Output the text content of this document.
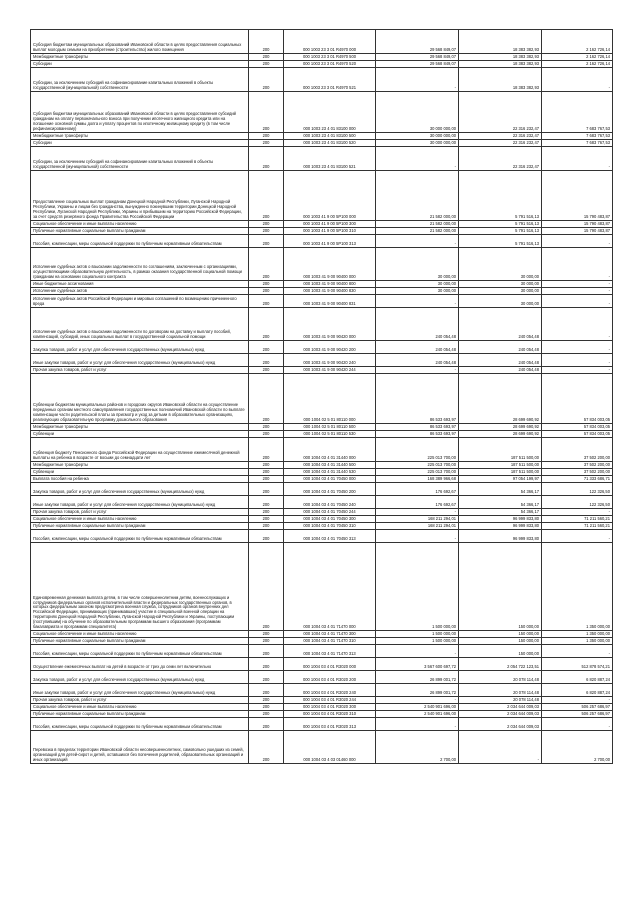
Субсидия бюджетам муниципальных образований Ивановской области в целях предоставления социальных выплат молодым семьям на приобретение (строительство) жилого помещения	200	000 1003 23 3 01 R4970 000	29 568 849,07	18 383 382,93	2 162 726,14
Межбюджетные трансферты	200	000 1003 23 3 01 R4970 500	29 568 849,07	18 383 382,93	2 162 726,14
Субсидии	200	000 1003 23 3 01 R4970 520	29 568 849,07	18 383 382,93	2 162 726,14
Субсидии, за исключением субсидий на софинансирование капитальных вложений в объекты государственной (муниципальной) собственности	200	000 1003 23 3 01 R4970 521	-	18 383 382,93	-
Субсидия бюджетам муниципальных образований Ивановской области в целях предоставления субсидий гражданам на оплату первоначального взноса при получении ипотечного жилищного кредита или на погашение основной суммы долга и уплату процентов по ипотечному жилищному кредиту (в том числе рефинансированному)	200	000 1003 23 4 01 83100 000	30 000 000,00	22 316 232,47	7 683 767,53
Межбюджетные трансферты	200	000 1003 23 4 01 83100 500	30 000 000,00	22 316 232,47	7 683 767,53
Субсидии	200	000 1003 23 4 01 83100 520	30 000 000,00	22 316 232,47	7 683 767,53
Субсидии, за исключением субсидий на софинансирование капитальных вложений в объекты государственной (муниципальной) собственности	200	000 1003 23 4 01 83100 521	-	22 316 232,47	-
Предоставление социальных выплат гражданам Донецкой Народной Республики, Луганской Народной Республики, Украины и лицам без гражданства, вынужденно покинувшим территории Донецкой Народной Республики, Луганской Народной Республики, Украины и прибывшим на территорию Российской Федерации, за счет средств резервного фонда Правительства Российской Федерации	200	000 1003 41 9 00 5P100 000	21 582 000,00	5 791 516,13	15 790 483,87
Социальное обеспечение и иные выплаты населению	200	000 1003 41 9 00 5P100 300	21 582 000,00	5 791 516,13	15 790 483,87
Публичные нормативные социальные выплаты гражданам	200	000 1003 41 9 00 5P100 310	21 582 000,00	5 791 516,13	15 790 483,87
Пособия, компенсации, меры социальной поддержки по публичным нормативным обязательствам	200	000 1003 41 9 00 5P100 313	-	5 791 516,13	-
Исполнение судебных актов о взыскании задолженности по соглашениям, заключенным с организациями, осуществляющими образовательную деятельность, в рамках оказания государственной социальной помощи гражданам на основании социального контракта	200	000 1003 41 9 00 90400 000	30 000,00	30 000,00	-
Иные бюджетные ассигнования	200	000 1003 41 9 00 90400 800	30 000,00	30 000,00	-
Исполнение судебных актов	200	000 1003 41 9 00 90400 830	30 000,00	30 000,00	-
Исполнение судебных актов Российской Федерации и мировых соглашений по возмещению причиненного вреда	200	000 1003 41 9 00 90400 831	-	30 000,00	-
Исполнение судебных актов о взыскании задолженности по договорам на доставку и выплату пособий, компенсаций, субсидий, иных социальных выплат в государственной социальной помощи	200	000 1003 41 9 00 90420 000	240 054,48	240 054,48	-
Закупка товаров, работ и услуг для обеспечения государственных (муниципальных) нужд	200	000 1003 41 9 00 90420 200	240 054,48	240 054,48	-
Иные закупки товаров, работ и услуг для обеспечения государственных (муниципальных) нужд	200	000 1003 41 9 00 90420 240	240 054,48	240 054,48	-
Прочая закупка товаров, работ и услуг	200	000 1003 41 9 00 90420 244	-	240 054,48	-
Субвенции бюджетам муниципальных районов и городских округов Ивановской области на осуществление переданных органам местного самоуправления государственных полномочий Ивановской области по выплате компенсации части родительской платы за присмотр и уход за детьми в образовательных организациях, реализующих образовательную программу дошкольного образования	200	000 1004 02 5 01 80110 000	86 533 693,97	28 699 690,92	57 834 003,05
Межбюджетные трансферты	200	000 1004 02 5 01 80110 500	86 533 693,97	28 699 690,92	57 834 003,05
Субвенции	200	000 1004 02 5 01 80110 530	86 533 693,97	28 699 690,92	57 834 003,05
Субвенция бюджету Пенсионного фонда Российской Федерации на осуществление ежемесячной денежной выплаты на ребенка в возрасте от восьми до семнадцати лет	200	000 1004 03 4 01 31440 000	225 013 700,00	187 511 500,00	37 502 200,00
Межбюджетные трансферты	200	000 1004 03 4 01 31440 500	225 013 700,00	187 511 500,00	37 502 200,00
Субвенции	200	000 1004 03 4 01 31440 530	225 013 700,00	187 511 500,00	37 502 200,00
Выплата пособия на ребенка	200	000 1004 03 4 01 70450 000	168 389 966,68	97 054 199,97	71 333 686,71
Закупка товаров, работ и услуг для обеспечения государственных (муниципальных) нужд	200	000 1004 03 4 01 70450 200	176 692,67	54 366,17	122 326,50
Иные закупки товаров, работ и услуг для обеспечения государственных (муниципальных) нужд	200	000 1004 03 4 01 70450 240	176 692,67	54 366,17	122 326,50
Прочая закупка товаров, работ и услуг	200	000 1004 03 4 01 70450 244	-	54 366,17	-
Социальное обеспечение и иные выплаты населению	200	000 1004 03 4 01 70450 300	168 211 294,01	96 999 833,80	71 211 560,21
Публичные нормативные социальные выплаты гражданам	200	000 1004 03 4 01 70450 310	168 211 294,01	96 999 833,80	71 211 560,21
Пособия, компенсации, меры социальной поддержки по публичным нормативным обязательствам	200	000 1004 03 4 01 70450 313	-	96 999 833,80	-
Единовременная денежная выплата детям, в том числе совершеннолетним детям, военнослужащих и сотрудников федеральных органов исполнительной власти и федеральных государственных органов, в которых федеральным законом предусмотрена военная служба, сотрудников органов внутренних дел Российской Федерации, принимающих (принимавших) участие в специальной военной операции на территориях Донецкой Народной Республики, Луганской Народной Республики и Украины, поступающим (поступившим) на обучение по образовательным программам высшего образования (программам бакалавриата и программам специалитета)	200	000 1004 03 4 01 71470 000	1 500 000,00	150 000,00	1 350 000,00
Социальное обеспечение и иные выплаты населению	200	000 1004 03 4 01 71470 300	1 500 000,00	150 000,00	1 350 000,00
Публичные нормативные социальные выплаты гражданам	200	000 1004 03 4 01 71470 310	1 500 000,00	150 000,00	1 350 000,00
Пособия, компенсации, меры социальной поддержки по публичным нормативным обязательствам	200	000 1004 03 4 01 71470 313	-	150 000,00	-
Осуществление ежемесячных выплат на детей в возрасте от трех до семи лет включительно	200	000 1004 03 4 01 R3020 000	3 567 600 697,72	2 054 722 123,51	512 878 574,21
Закупка товаров, работ и услуг для обеспечения государственных (муниципальных) нужд	200	000 1004 03 4 01 R3020 200	26 899 001,72	20 078 114,48	6 820 887,24
Иные закупки товаров, работ и услуг для обеспечения государственных (муниципальных) нужд	200	000 1004 03 4 01 R3020 240	26 899 001,72	20 078 114,48	6 820 887,24
Прочая закупка товаров, работ и услуг	200	000 1004 03 4 01 R3020 244	-	20 078 114,48	-
Социальное обеспечение и иные выплаты населению	200	000 1004 03 4 01 R3020 300	2 540 901 696,00	2 034 644 009,03	506 257 686,97
Публичные нормативные социальные выплаты гражданам	200	000 1004 03 4 01 R3020 310	2 540 901 696,00	2 034 644 009,03	506 257 686,97
Пособия, компенсации, меры социальной поддержки по публичным нормативным обязательствам	200	000 1004 03 4 01 R3020 313	-	2 034 644 009,03	-
Перевозка в пределах территории Ивановской области несовершеннолетних, самовольно ушедших из семей, организаций для детей-сирот и детей, оставшихся без попечения родителей, образовательных организаций и иных организаций	200	000 1004 03 4 03 01460 000	2 700,00	-	2 700,00
